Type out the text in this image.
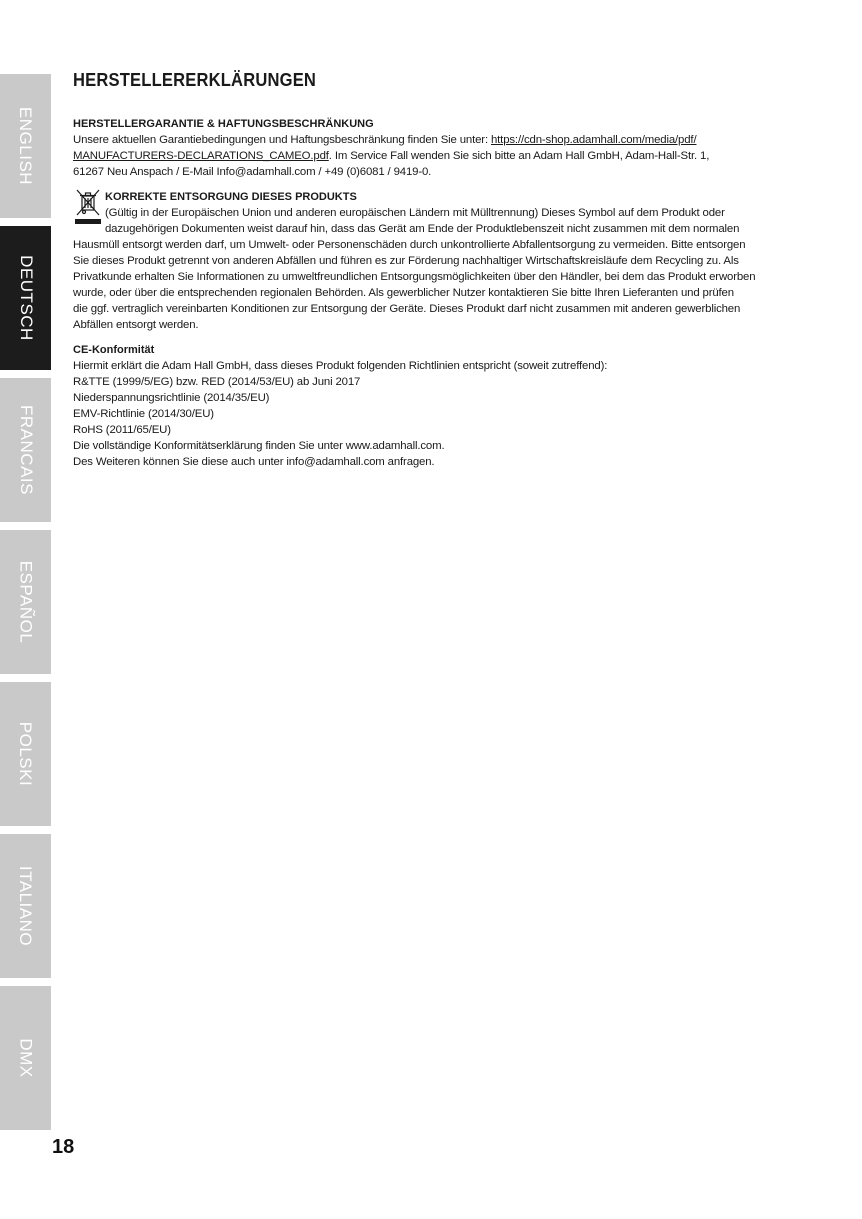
ENGLISH
DEUTSCH
FRANCAIS
ESPAÑOL
POLSKI
ITALIANO
DMX
18
HERSTELLERERKLÄRUNGEN

HERSTELLERGARANTIE & HAFTUNGSBESCHRÄNKUNG

Unsere aktuellen Garantiebedingungen und Haftungsbeschränkung finden Sie unter: https://cdn-shop.adamhall.com/media/pdf/
MANUFACTURERS-DECLARATIONS_CAMEO.pdf. Im Service Fall wenden Sie sich bitte an Adam Hall GmbH, Adam-Hall-Str. 1,
61267 Neu Anspach / E-Mail Info@adamhall.com / +49 (0)6081 / 9419-0.

KORREKTE ENTSORGUNG DIESES PRODUKTS

(Gültig in der Europäischen Union und anderen europäischen Ländern mit Mülltrennung) Dieses Symbol auf dem Produkt oder
dazugehörigen Dokumenten weist darauf hin, dass das Gerät am Ende der Produktlebenszeit nicht zusammen mit dem normalen
Hausmüll entsorgt werden darf, um Umwelt- oder Personenschäden durch unkontrollierte Abfallentsorgung zu vermeiden. Bitte entsorgen
Sie dieses Produkt getrennt von anderen Abfällen und führen es zur Förderung nachhaltiger Wirtschaftskreisläufe dem Recycling zu. Als
Privatkunde erhalten Sie Informationen zu umweltfreundlichen Entsorgungsmöglichkeiten über den Händler, bei dem das Produkt erworben
wurde, oder über die entsprechenden regionalen Behörden. Als gewerblicher Nutzer kontaktieren Sie bitte Ihren Lieferanten und prüfen
die ggf. vertraglich vereinbarten Konditionen zur Entsorgung der Geräte. Dieses Produkt darf nicht zusammen mit anderen gewerblichen
Abfällen entsorgt werden.

CE-Konformität

Hiermit erklärt die Adam Hall GmbH, dass dieses Produkt folgenden Richtlinien entspricht (soweit zutreffend):
R&TTE (1999/5/EG) bzw. RED (2014/53/EU) ab Juni 2017
Niederspannungsrichtlinie (2014/35/EU)
EMV-Richtlinie (2014/30/EU)
RoHS (2011/65/EU)
Die vollständige Konformitätserklärung finden Sie unter www.adamhall.com.
Des Weiteren können Sie diese auch unter info@adamhall.com anfragen.
